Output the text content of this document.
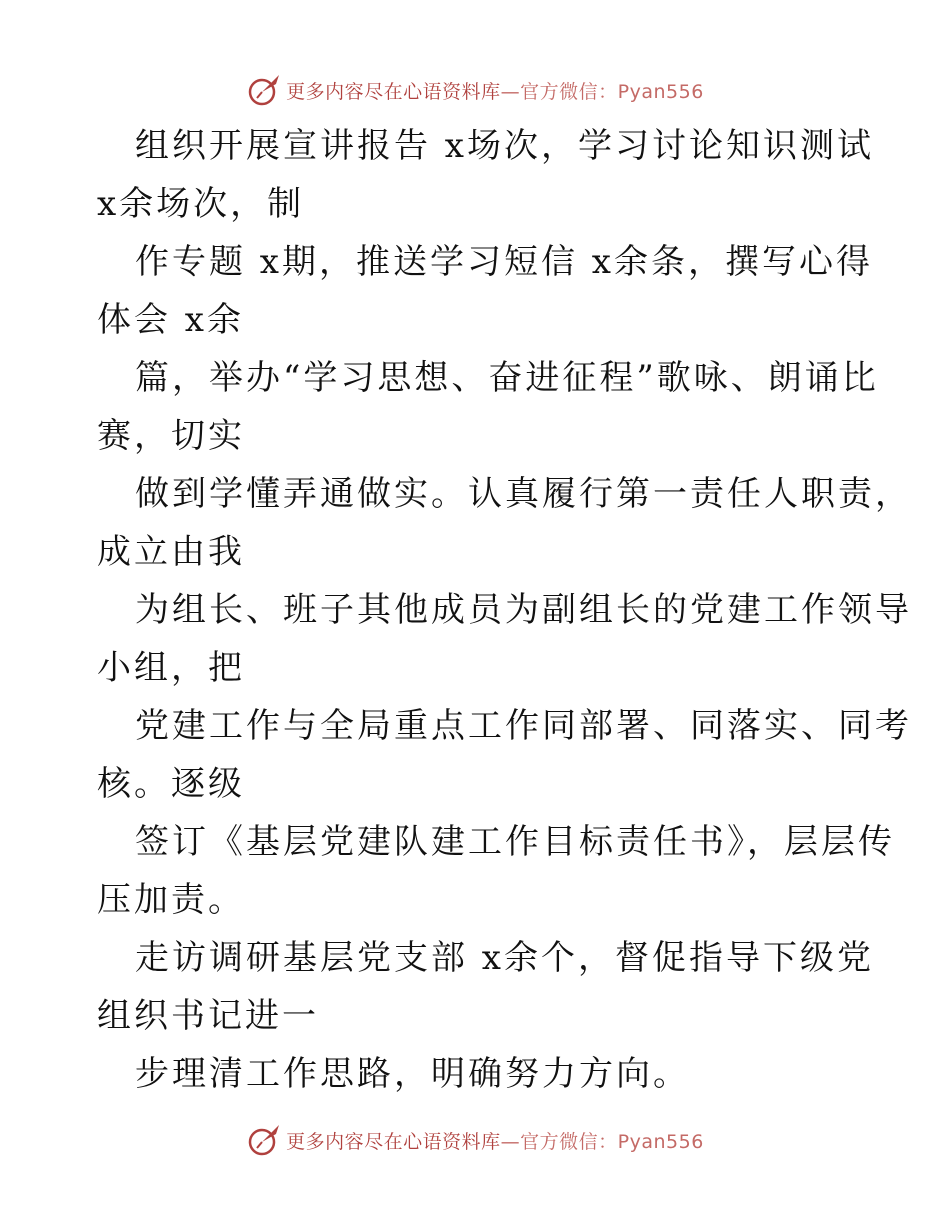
更多内容尽在心语资料库—官方微信：Pyan556
组织开展宣讲报告 x场次，学习讨论知识测试
x余场次，制
作专题 x期，推送学习短信 x余条，撰写心得
体会 x余
篇，举办“学习思想、奋进征程”歌咏、朗诵比
赛，切实
做到学懂弄通做实。认真履行第一责任人职责，
成立由我
为组长、班子其他成员为副组长的党建工作领导
小组，把
党建工作与全局重点工作同部署、同落实、同考
核。逐级
签订《基层党建队建工作目标责任书》，层层传
压加责。
走访调研基层党支部 x余个，督促指导下级党
组织书记进一
步理清工作思路，明确努力方向。
更多内容尽在心语资料库—官方微信：Pyan556
